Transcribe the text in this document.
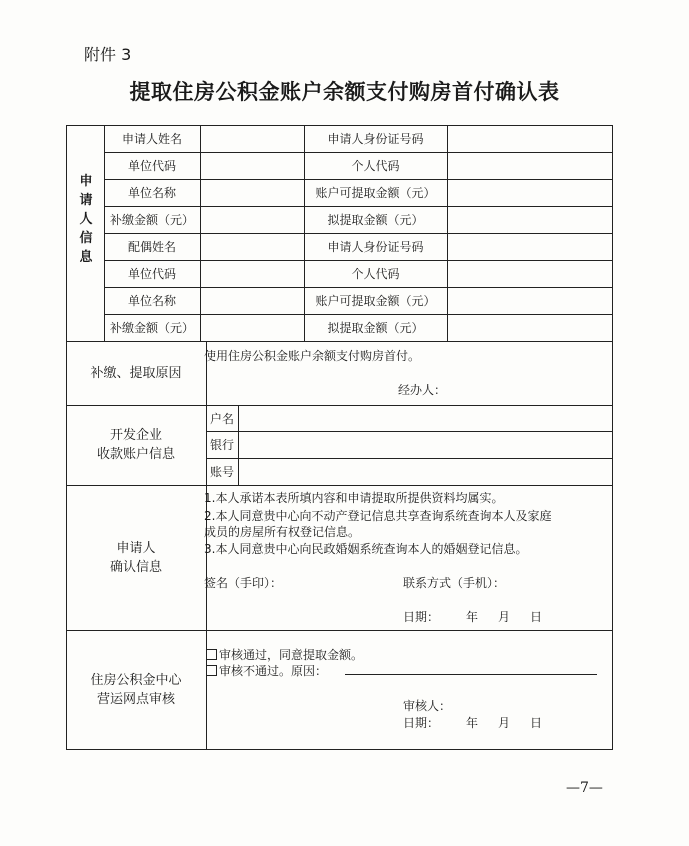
附件 3
提取住房公积金账户余额支付购房首付确认表
申
请
人
信
息
申请人姓名	申请人身份证号码
单位代码	个人代码
单位名称	账户可提取金额（元）
补缴金额（元）	拟提取金额（元）
配偶姓名	申请人身份证号码
单位代码	个人代码
单位名称	账户可提取金额（元）
补缴金额（元）	拟提取金额（元）
补缴、提取原因
使用住房公积金账户余额支付购房首付。
经办人：
开发企业
收款账户信息
户名
银行
账号
申请人
确认信息
1.本人承诺本表所填内容和申请提取所提供资料均属实。
2.本人同意贵中心向不动产登记信息共享查询系统查询本人及家庭
成员的房屋所有权登记信息。
3.本人同意贵中心向民政婚姻系统查询本人的婚姻登记信息。
签名（手印）：	联系方式（手机）：
日期： 年 月 日
住房公积金中心
营运网点审核
审核通过，同意提取金额。
审核不通过。原因：
审核人：
日期： 年 月 日
—7—
